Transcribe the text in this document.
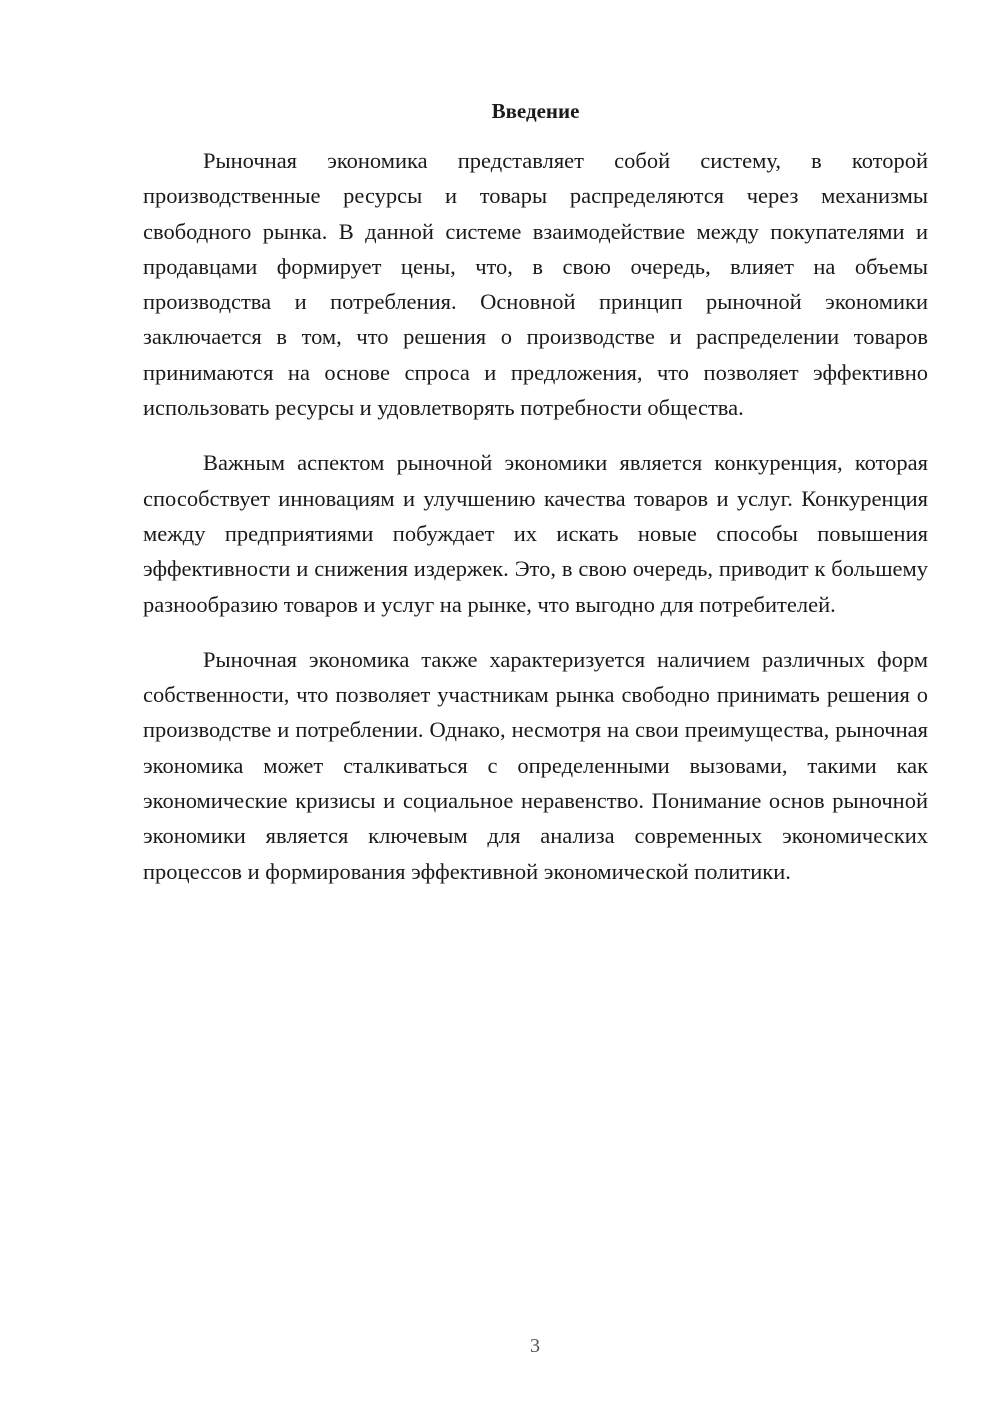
Введение

Рыночная экономика представляет собой систему, в которой производственные ресурсы и товары распределяются через механизмы свободного рынка. В данной системе взаимодействие между покупателями и продавцами формирует цены, что, в свою очередь, влияет на объемы производства и потребления. Основной принцип рыночной экономики заключается в том, что решения о производстве и распределении товаров принимаются на основе спроса и предложения, что позволяет эффективно использовать ресурсы и удовлетворять потребности общества.

Важным аспектом рыночной экономики является конкуренция, которая способствует инновациям и улучшению качества товаров и услуг. Конкуренция между предприятиями побуждает их искать новые способы повышения эффективности и снижения издержек. Это, в свою очередь, приводит к большему разнообразию товаров и услуг на рынке, что выгодно для потребителей.

Рыночная экономика также характеризуется наличием различных форм собственности, что позволяет участникам рынка свободно принимать решения о производстве и потреблении. Однако, несмотря на свои преимущества, рыночная экономика может сталкиваться с определенными вызовами, такими как экономические кризисы и социальное неравенство. Понимание основ рыночной экономики является ключевым для анализа современных экономических процессов и формирования эффективной экономической политики.

3
